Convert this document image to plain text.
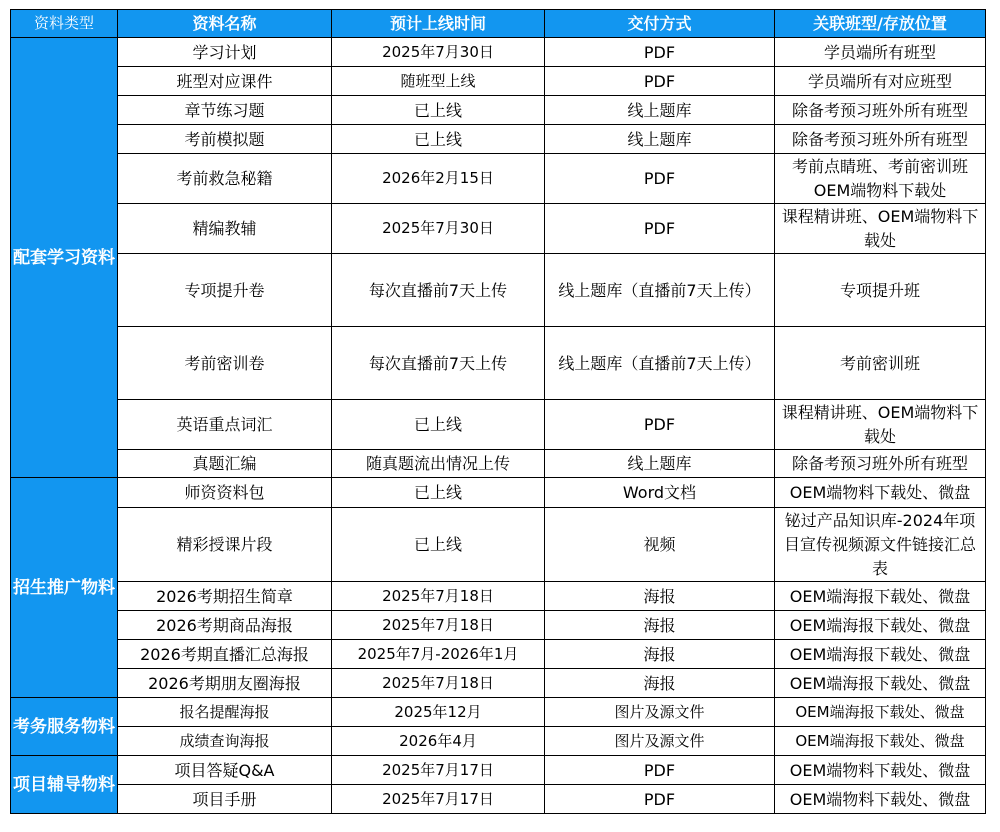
资料类型	资料名称	预计上线时间	交付方式	关联班型/存放位置
配套学习资料	学习计划	2025年7月30日	PDF	学员端所有班型
	班型对应课件	随班型上线	PDF	学员端所有对应班型
	章节练习题	已上线	线上题库	除备考预习班外所有班型
	考前模拟题	已上线	线上题库	除备考预习班外所有班型
	考前救急秘籍	2026年2月15日	PDF	考前点睛班、考前密训班OEM端物料下载处

	精编教辅	2025年7月30日	PDF	课程精讲班、OEM端物料下载处

	专项提升卷	每次直播前7天上传	线上题库（直播前7天上传）	专项提升班
	考前密训卷	每次直播前7天上传	线上题库（直播前7天上传）	考前密训班
	英语重点词汇	已上线	PDF	课程精讲班、OEM端物料下载处

	真题汇编	随真题流出情况上传	线上题库	除备考预习班外所有班型
招生推广物料	师资资料包	已上线	Word文档	OEM端物料下载处、微盘
	精彩授课片段	已上线	视频	铋过产品知识库-2024年项目宣传视频源文件链接汇总表

	2026考期招生简章	2025年7月18日	海报	OEM端海报下载处、微盘
	2026考期商品海报	2025年7月18日	海报	OEM端海报下载处、微盘
	2026考期直播汇总海报	2025年7月-2026年1月	海报	OEM端海报下载处、微盘
	2026考期朋友圈海报	2025年7月18日	海报	OEM端海报下载处、微盘
考务服务物料	报名提醒海报	2025年12月	图片及源文件	OEM端海报下载处、微盘
	成绩查询海报	2026年4月	图片及源文件	OEM端海报下载处、微盘
项目辅导物料	项目答疑Q&A	2025年7月17日	PDF	OEM端物料下载处、微盘
	项目手册	2025年7月17日	PDF	OEM端物料下载处、微盘
